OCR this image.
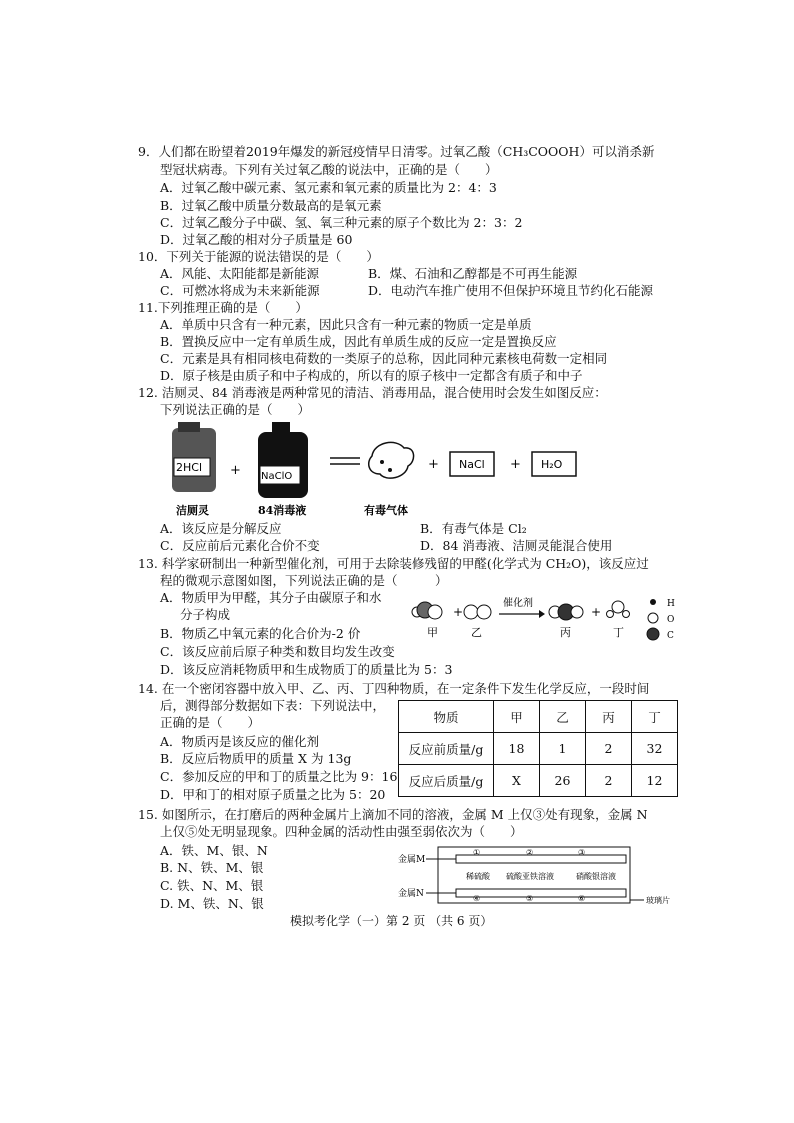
9．人们都在盼望着2019年爆发的新冠疫情早日清零。过氧乙酸（CH₃COOOH）可以消杀新
型冠状病毒。下列有关过氧乙酸的说法中，正确的是（　　）
A．过氧乙酸中碳元素、氢元素和氧元素的质量比为 2：4：3
B．过氧乙酸中质量分数最高的是氧元素
C．过氧乙酸分子中碳、氢、氧三种元素的原子个数比为 2：3：2
D．过氧乙酸的相对分子质量是 60
10．下列关于能源的说法错误的是（　　）
A．风能、太阳能都是新能源	B．煤、石油和乙醇都是不可再生能源
C．可燃冰将成为未来新能源	D．电动汽车推广使用不但保护环境且节约化石能源
11.下列推理正确的是（　　）
A．单质中只含有一种元素，因此只含有一种元素的物质一定是单质
B．置换反应中一定有单质生成，因此有单质生成的反应一定是置换反应
C．元素是具有相同核电荷数的一类原子的总称，因此同种元素核电荷数一定相同
D．原子核是由质子和中子构成的，所以有的原子核中一定都含有质子和中子
12. 洁厕灵、84 消毒液是两种常见的清洁、消毒用品，混合使用时会发生如图反应：
下列说法正确的是（　　）
2HCl + NaClO
+ NaCl + H₂O
洁厕灵	84消毒液	有毒气体
A．该反应是分解反应	B．有毒气体是 Cl₂
C．反应前后元素化合价不变	D．84 消毒液、洁厕灵能混合使用
13. 科学家研制出一种新型催化剂，可用于去除装修残留的甲醛(化学式为 CH₂O)，该反应过
程的微观示意图如图，下列说法正确的是（　　　）
A．物质甲为甲醛，其分子由碳原子和水
分子构成
B．物质乙中氧元素的化合价为-2 价
C．该反应前后原子种类和数目均发生改变
D．该反应消耗物质甲和生成物质丁的质量比为 5：3
+
催化剂
+
甲	乙	丙	丁
H
O
C
14. 在一个密闭容器中放入甲、乙、丙、丁四种物质，在一定条件下发生化学反应，一段时间
后，测得部分数据如下表：下列说法中，
正确的是（　　）
A．物质丙是该反应的催化剂
B．反应后物质甲的质量 X 为 13g
C．参加反应的甲和丁的质量之比为 9：16
D．甲和丁的相对原子质量之比为 5：20
物质	甲	乙	丙	丁
反应前质量/g	18	1	2	32
反应后质量/g	X	26	2	12
15. 如图所示，在打磨后的两种金属片上滴加不同的溶液，金属 M 上仅③处有现象，金属 N
上仅⑤处无明显现象。四种金属的活动性由强至弱依次为（　　）
A．铁、M、银、N
B. N、铁、M、银
C. 铁、N、M、银
D. M、铁、N、银
金属M
金属N
①	②	③
稀硫酸 硫酸亚铁溶液	硝酸银溶液
④	⑤	⑥	玻璃片
模拟考化学（一）第 2 页 （共 6 页）
